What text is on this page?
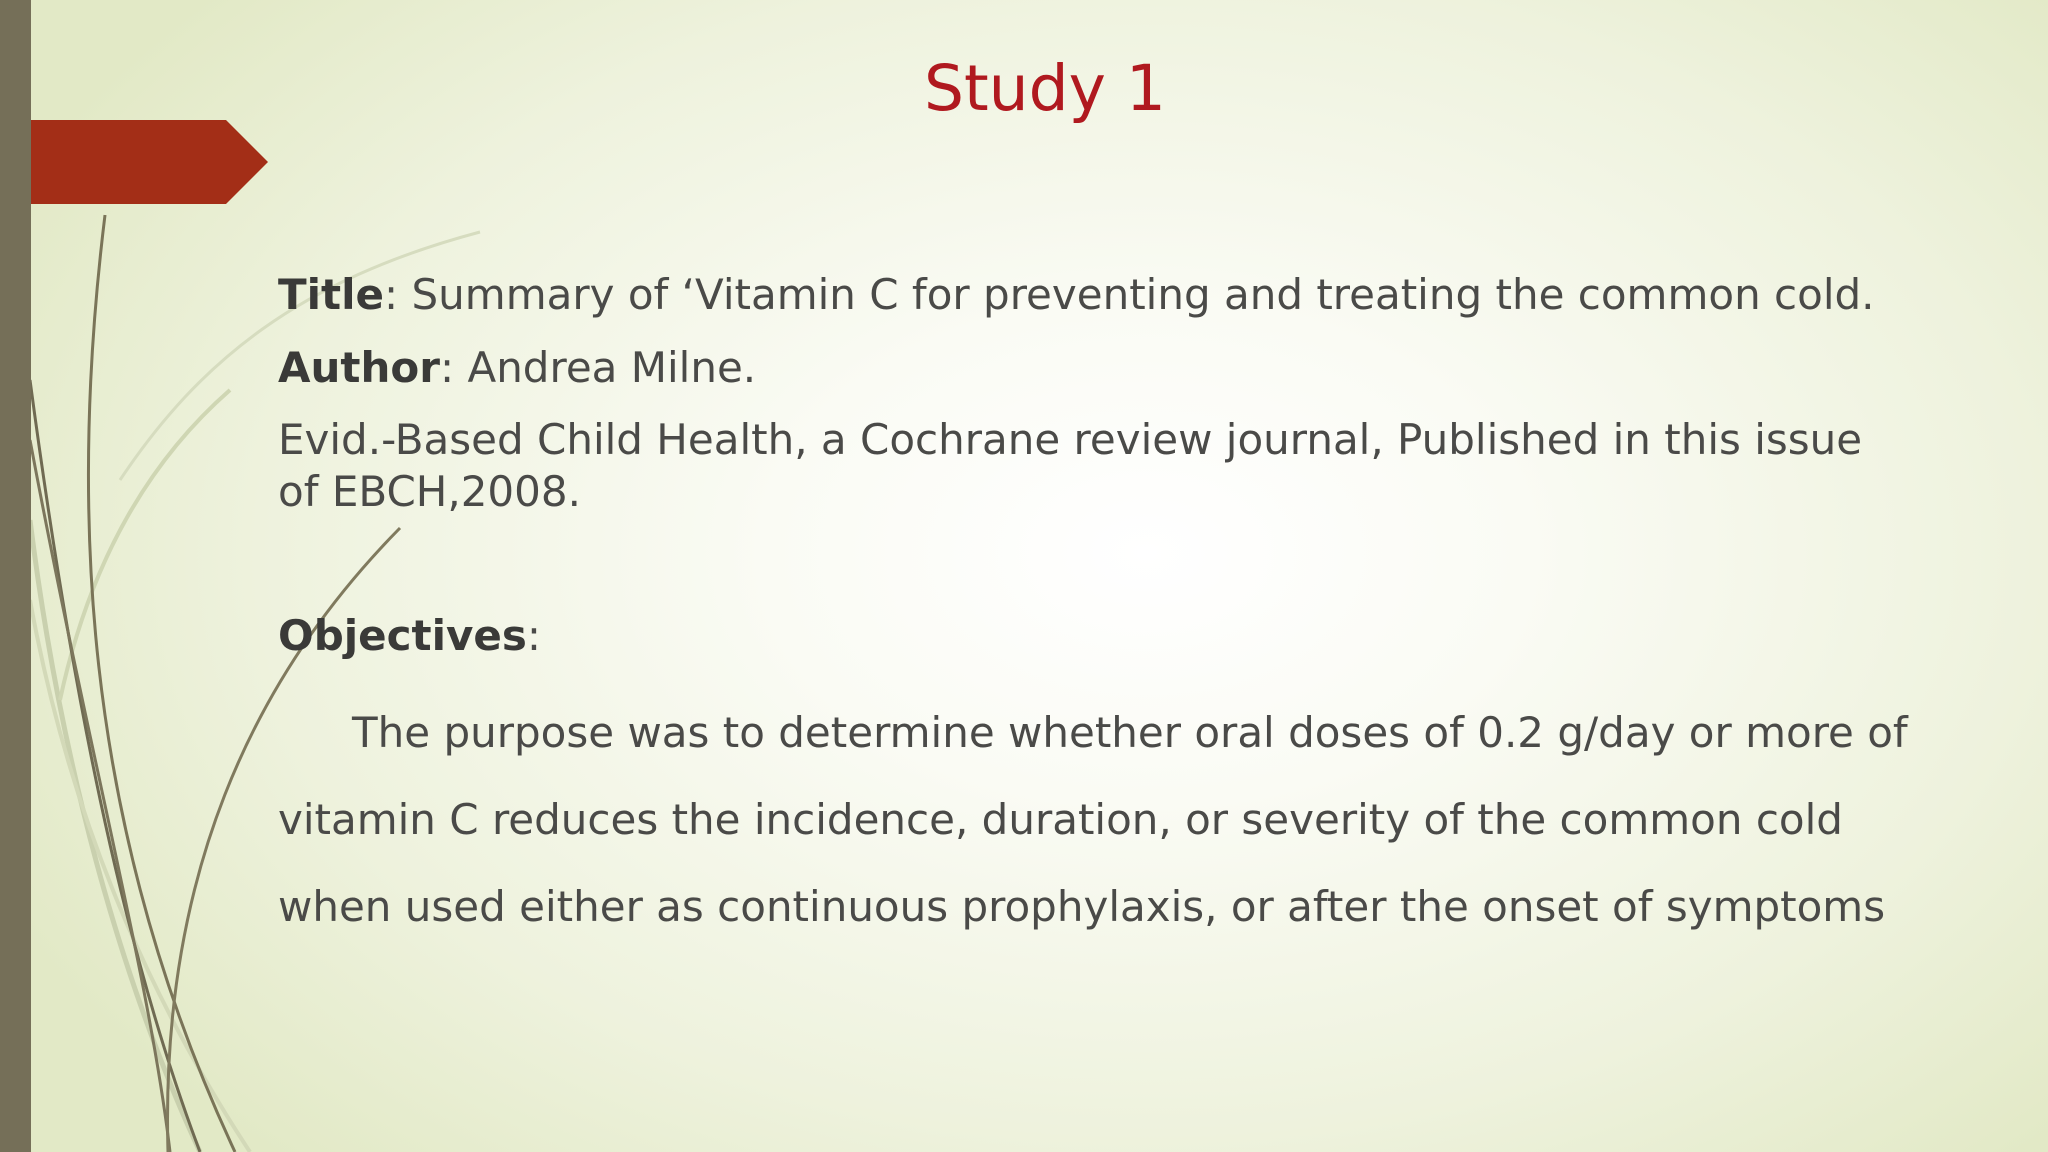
Study 1
Title: Summary of ‘Vitamin C for preventing and treating the common cold.
Author: Andrea Milne.
Evid.-Based Child Health, a Cochrane review journal, Published in this issue of EBCH,2008.
Objectives:
The purpose was to determine whether oral doses of 0.2 g/day or more of
vitamin C reduces the incidence, duration, or severity of the common cold
when used either as continuous prophylaxis, or after the onset of symptoms
